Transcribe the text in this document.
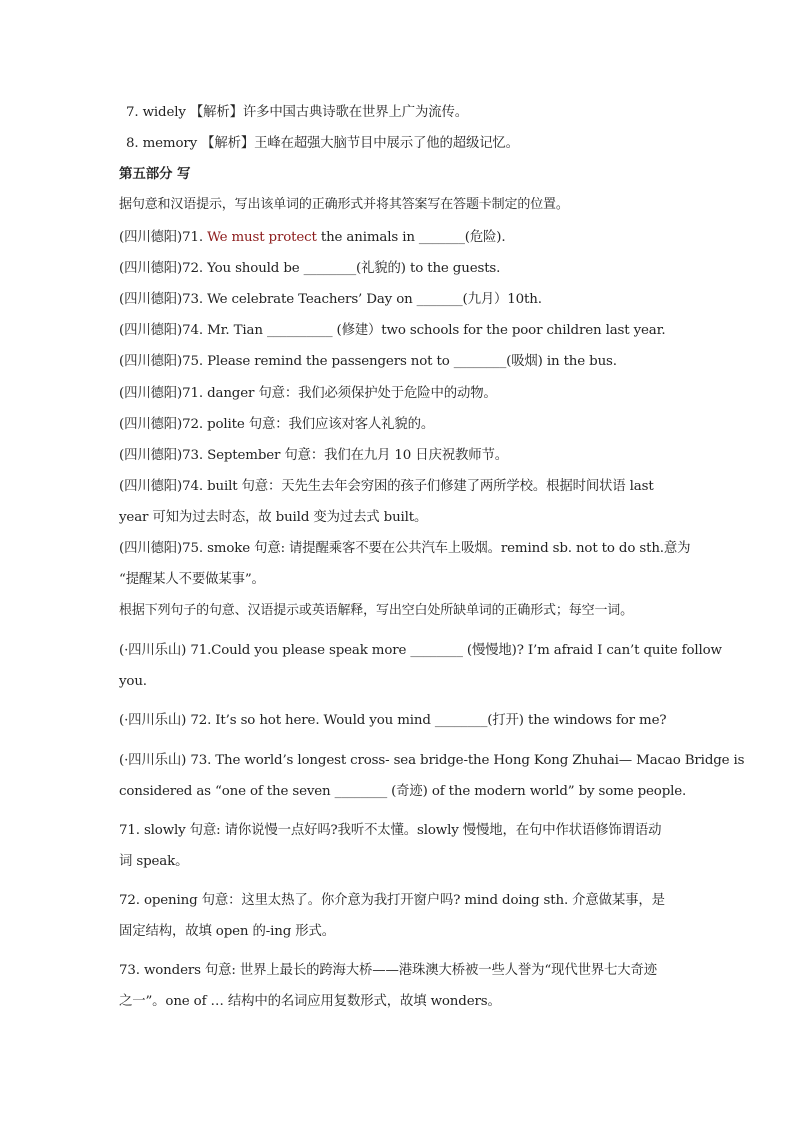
7. widely 【解析】许多中国古典诗歌在世界上广为流传。
8. memory 【解析】王峰在超强大脑节目中展示了他的超级记忆。
第五部分 写
据句意和汉语提示，写出该单词的正确形式并将其答案写在答题卡制定的位置。
(四川德阳)71. We must protect the animals in _______(危险).
(四川德阳)72. You should be ________(礼貌的) to the guests.
(四川德阳)73. We celebrate Teachers’ Day on _______(九月）10th.
(四川德阳)74. Mr. Tian __________ (修建）two schools for the poor children last year.
(四川德阳)75. Please remind the passengers not to ________(吸烟) in the bus.
(四川德阳)71. danger 句意：我们必须保护处于危险中的动物。
(四川德阳)72. polite 句意：我们应该对客人礼貌的。
(四川德阳)73. September 句意：我们在九月 10 日庆祝教师节。
(四川德阳)74. built 句意：天先生去年会穷困的孩子们修建了两所学校。根据时间状语 last
year 可知为过去时态，故 build 变为过去式 built。
(四川德阳)75. smoke 句意: 请提醒乘客不要在公共汽车上吸烟。remind sb. not to do sth.意为
“提醒某人不要做某事”。
根据下列句子的句意、汉语提示或英语解释，写出空白处所缺单词的正确形式；每空一词。
(·四川乐山) 71.Could you please speak more ________ (慢慢地)? I’m afraid I can’t quite follow
you.
(·四川乐山) 72. It’s so hot here. Would you mind ________(打开) the windows for me?
(·四川乐山) 73. The world’s longest cross- sea bridge-the Hong Kong Zhuhai— Macao Bridge is
considered as “one of the seven ________ (奇迹) of the modern world” by some people.
71. slowly 句意: 请你说慢一点好吗?我听不太懂。slowly 慢慢地，在句中作状语修饰谓语动
词 speak。
72. opening 句意：这里太热了。你介意为我打开窗户吗? mind doing sth. 介意做某事，是
固定结构，故填 open 的-ing 形式。
73. wonders 句意: 世界上最长的跨海大桥——港珠澳大桥被一些人誉为“现代世界七大奇迹
之一”。one of … 结构中的名词应用复数形式，故填 wonders。
